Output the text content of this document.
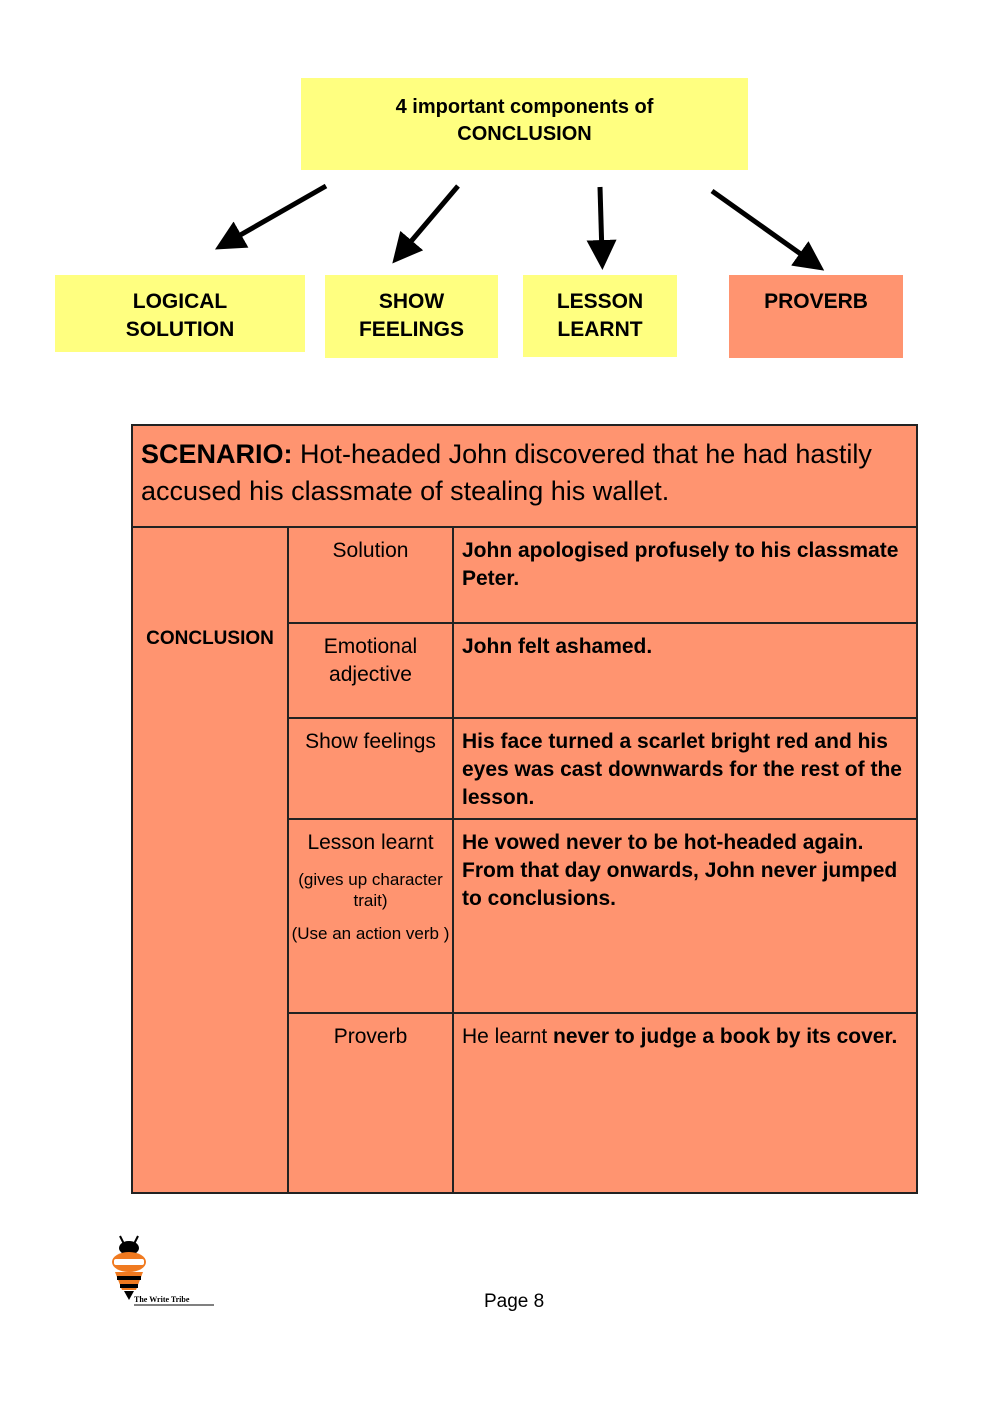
4 important components of
CONCLUSION
LOGICAL
SOLUTION
SHOW
FEELINGS
LESSON
LEARNT
PROVERB
SCENARIO: Hot-headed John discovered that he had hastily accused his classmate of stealing his wallet.		
CONCLUSION	Solution	John apologised profusely to his classmate Peter.
	Emotional adjective	John felt ashamed.
	Show feelings	His face turned a scarlet bright red and his eyes was cast downwards for the rest of the lesson.
	Lesson learnt
(gives up character trait)
(Use an action verb )	He vowed never to be hot-headed again. From that day onwards, John never jumped to conclusions.
	Proverb	He learnt never to judge a book by its cover.
The Write Tribe	Page 8
